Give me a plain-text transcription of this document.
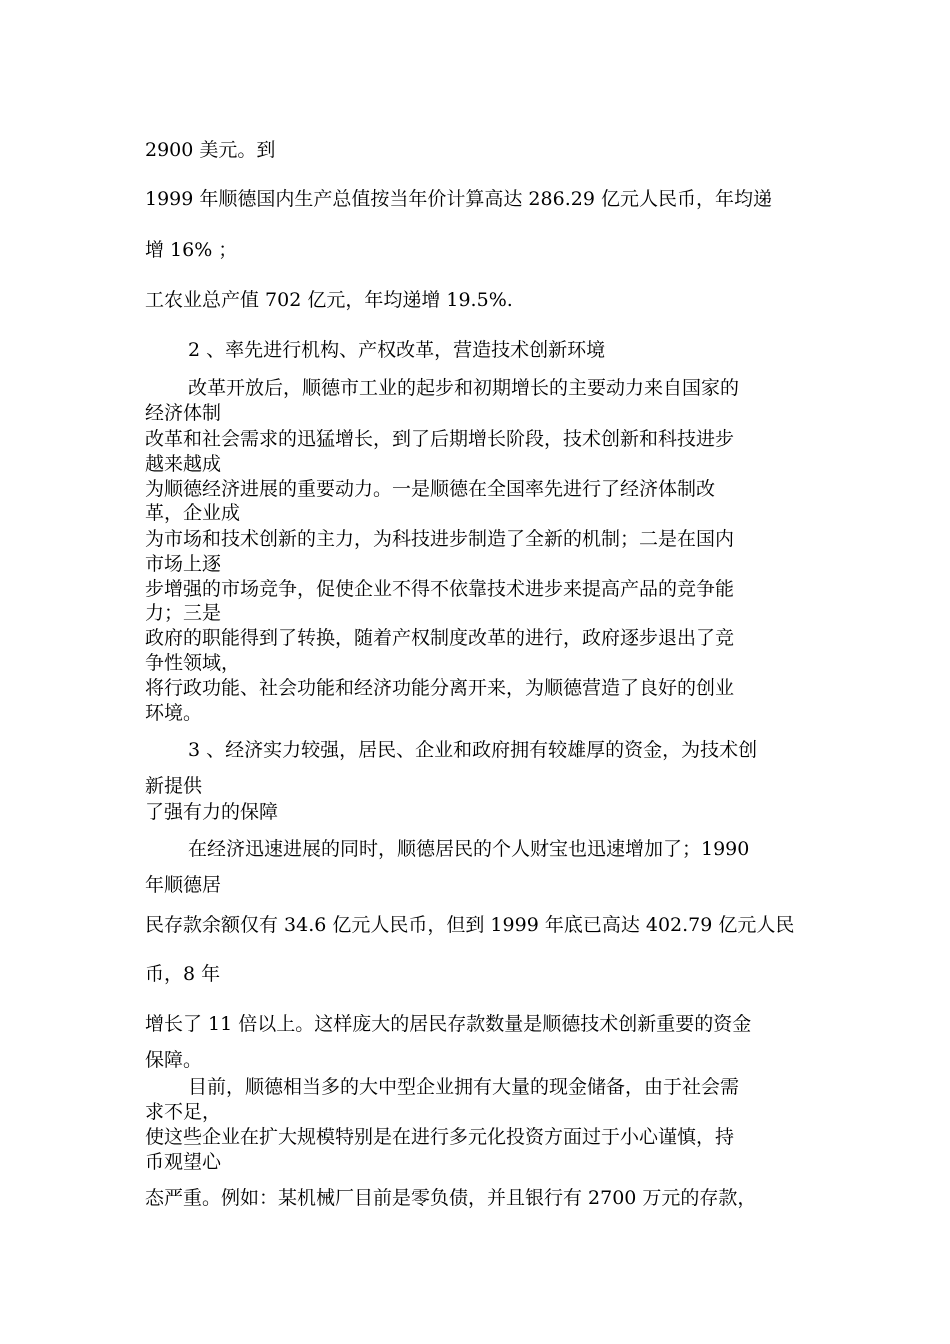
2900 美元。到
1999 年顺德国内生产总值按当年价计算高达 286.29 亿元人民币，年均递
增 16% ；
工农业总产值 702 亿元，年均递增 19.5%.
2 、率先进行机构、产权改革，营造技术创新环境
改革开放后，顺德市工业的起步和初期增长的主要动力来自国家的
经济体制
改革和社会需求的迅猛增长，到了后期增长阶段，技术创新和科技进步
越来越成
为顺德经济进展的重要动力。一是顺德在全国率先进行了经济体制改
革，企业成
为市场和技术创新的主力，为科技进步制造了全新的机制；二是在国内
市场上逐
步增强的市场竞争，促使企业不得不依靠技术进步来提高产品的竞争能
力；三是
政府的职能得到了转换，随着产权制度改革的进行，政府逐步退出了竞
争性领域，
将行政功能、社会功能和经济功能分离开来，为顺德营造了良好的创业
环境。
3 、经济实力较强，居民、企业和政府拥有较雄厚的资金，为技术创
新提供
了强有力的保障
在经济迅速进展的同时，顺德居民的个人财宝也迅速增加了；1990
年顺德居
民存款余额仅有 34.6 亿元人民币，但到 1999 年底已高达 402.79 亿元人民
币，8 年
增长了 11 倍以上。这样庞大的居民存款数量是顺德技术创新重要的资金
保障。
目前，顺德相当多的大中型企业拥有大量的现金储备，由于社会需
求不足，
使这些企业在扩大规模特别是在进行多元化投资方面过于小心谨慎，持
币观望心
态严重。例如：某机械厂目前是零负债，并且银行有 2700 万元的存款，
